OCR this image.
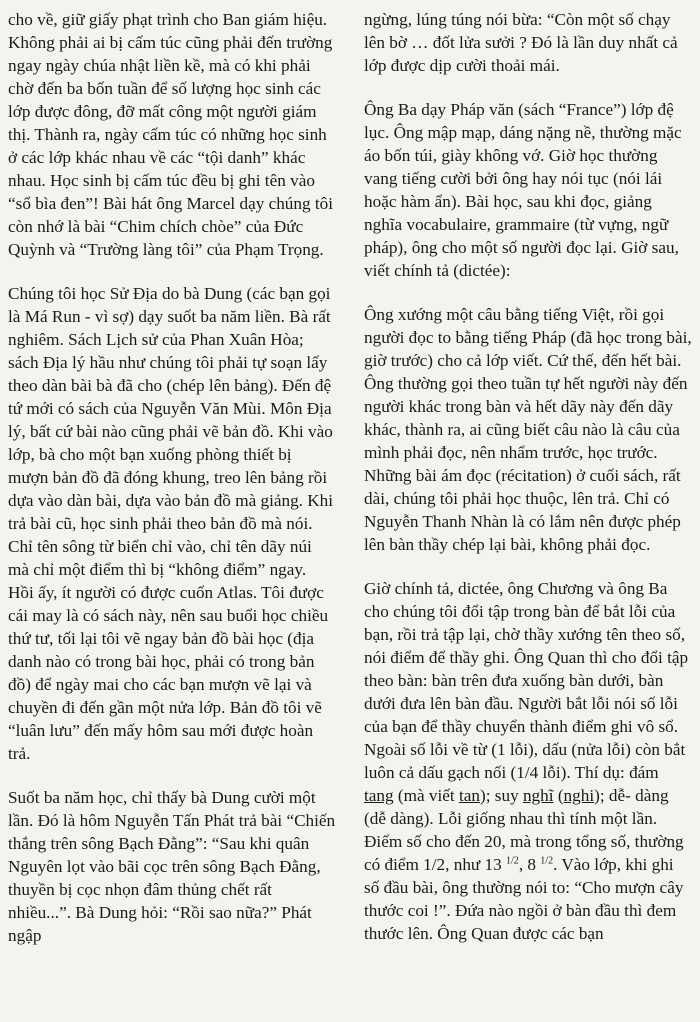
cho về, giữ giấy phạt trình cho Ban giám hiệu. Không phải ai bị cấm túc cũng phải đến trường ngay ngày chúa nhật liền kề, mà có khi phải chờ đến ba bốn tuần để số lượng học sinh các lớp được đông, đỡ mất công một người giám thị. Thành ra, ngày cấm túc có những học sinh ở các lớp khác nhau về các “tội danh” khác nhau. Học sinh bị cấm túc đều bị ghi tên vào “sổ bìa đen”! Bài hát ông Marcel dạy chúng tôi còn nhớ là bài “Chim chích chòe” của Đức Quỳnh và “Trường làng tôi” của Phạm Trọng.

Chúng tôi học Sử Địa do bà Dung (các bạn gọi là Má Run - vì sợ) dạy suốt ba năm liền. Bà rất nghiêm. Sách Lịch sử của Phan Xuân Hòa; sách Địa lý hầu như chúng tôi phải tự soạn lấy theo dàn bài bà đã cho (chép lên bảng). Đến đệ tứ mới có sách của Nguyễn Văn Mùi. Môn Địa lý, bất cứ bài nào cũng phải vẽ bản đồ. Khi vào lớp, bà cho một bạn xuống phòng thiết bị mượn bản đồ đã đóng khung, treo lên bảng rồi dựa vào dàn bài, dựa vào bản đồ mà giảng. Khi trả bài cũ, học sinh phải theo bản đồ mà nói. Chỉ tên sông từ biển chỉ vào, chỉ tên dãy núi mà chỉ một điểm thì bị “không điểm” ngay. Hồi ấy, ít người có được cuốn Atlas. Tôi được cái may là có sách này, nên sau buổi học chiều thứ tư, tối lại tôi vẽ ngay bản đồ bài học (địa danh nào có trong bài học, phải có trong bản đồ) để ngày mai cho các bạn mượn vẽ lại và chuyền đi đến gần một nửa lớp. Bản đồ tôi vẽ “luân lưu” đến mấy hôm sau mới được hoàn trả.

Suốt ba năm học, chỉ thấy bà Dung cười một lần. Đó là hôm Nguyễn Tấn Phát trả bài “Chiến thắng trên sông Bạch Đằng”: “Sau khi quân Nguyên lọt vào bãi cọc trên sông Bạch Đằng, thuyền bị cọc nhọn đâm thủng chết rất nhiều...”. Bà Dung hỏi: “Rồi sao nữa?” Phát ngập

ngừng, lúng túng nói bừa: “Còn một số chạy lên bờ … đốt lửa sưởi ? Đó là lần duy nhất cả lớp được dịp cười thoải mái.

Ông Ba dạy Pháp văn (sách “France”) lớp đệ lục. Ông mập mạp, dáng nặng nề, thường mặc áo bốn túi, giày không vớ. Giờ học thường vang tiếng cười bởi ông hay nói tục (nói lái hoặc hàm ẩn). Bài học, sau khi đọc, giảng nghĩa vocabulaire, grammaire (từ vựng, ngữ pháp), ông cho một số người đọc lại. Giờ sau, viết chính tả (dictée):

Ông xướng một câu bằng tiếng Việt, rồi gọi người đọc to bằng tiếng Pháp (đã học trong bài, giờ trước) cho cả lớp viết. Cứ thế, đến hết bài. Ông thường gọi theo tuần tự hết người này đến người khác trong bàn và hết dãy này đến dãy khác, thành ra, ai cũng biết câu nào là câu của mình phải đọc, nên nhẩm trước, học trước. Những bài ám đọc (récitation) ở cuối sách, rất dài, chúng tôi phải học thuộc, lên trả. Chỉ có Nguyễn Thanh Nhàn là có lắm nên được phép lên bàn thầy chép lại bài, không phải đọc.

Giờ chính tả, dictée, ông Chương và ông Ba cho chúng tôi đổi tập trong bàn để bắt lỗi của bạn, rồi trả tập lại, chờ thầy xướng tên theo số, nói điểm để thầy ghi. Ông Quan thì cho đổi tập theo bàn: bàn trên đưa xuống bàn dưới, bàn dưới đưa lên bàn đầu. Người bắt lỗi nói số lỗi của bạn để thầy chuyển thành điểm ghi vô sổ. Ngoài số lỗi về từ (1 lỗi), dấu (nửa lỗi) còn bắt luôn cả dấu gạch nối (1/4 lỗi). Thí dụ: đám tang (mà viết tan); suy nghĩ (nghi); dễ- dàng (dễ dàng). Lỗi giống nhau thì tính một lần. Điểm số cho đến 20, mà trong tổng số, thường có điểm 1/2, như 13 $^{1/2}$, 8 $^{1/2}$. Vào lớp, khi ghi số đầu bài, ông thường nói to: “Cho mượn cây thước coi !”. Đứa nào ngồi ở bàn đầu thì đem thước lên. Ông Quan được các bạn
